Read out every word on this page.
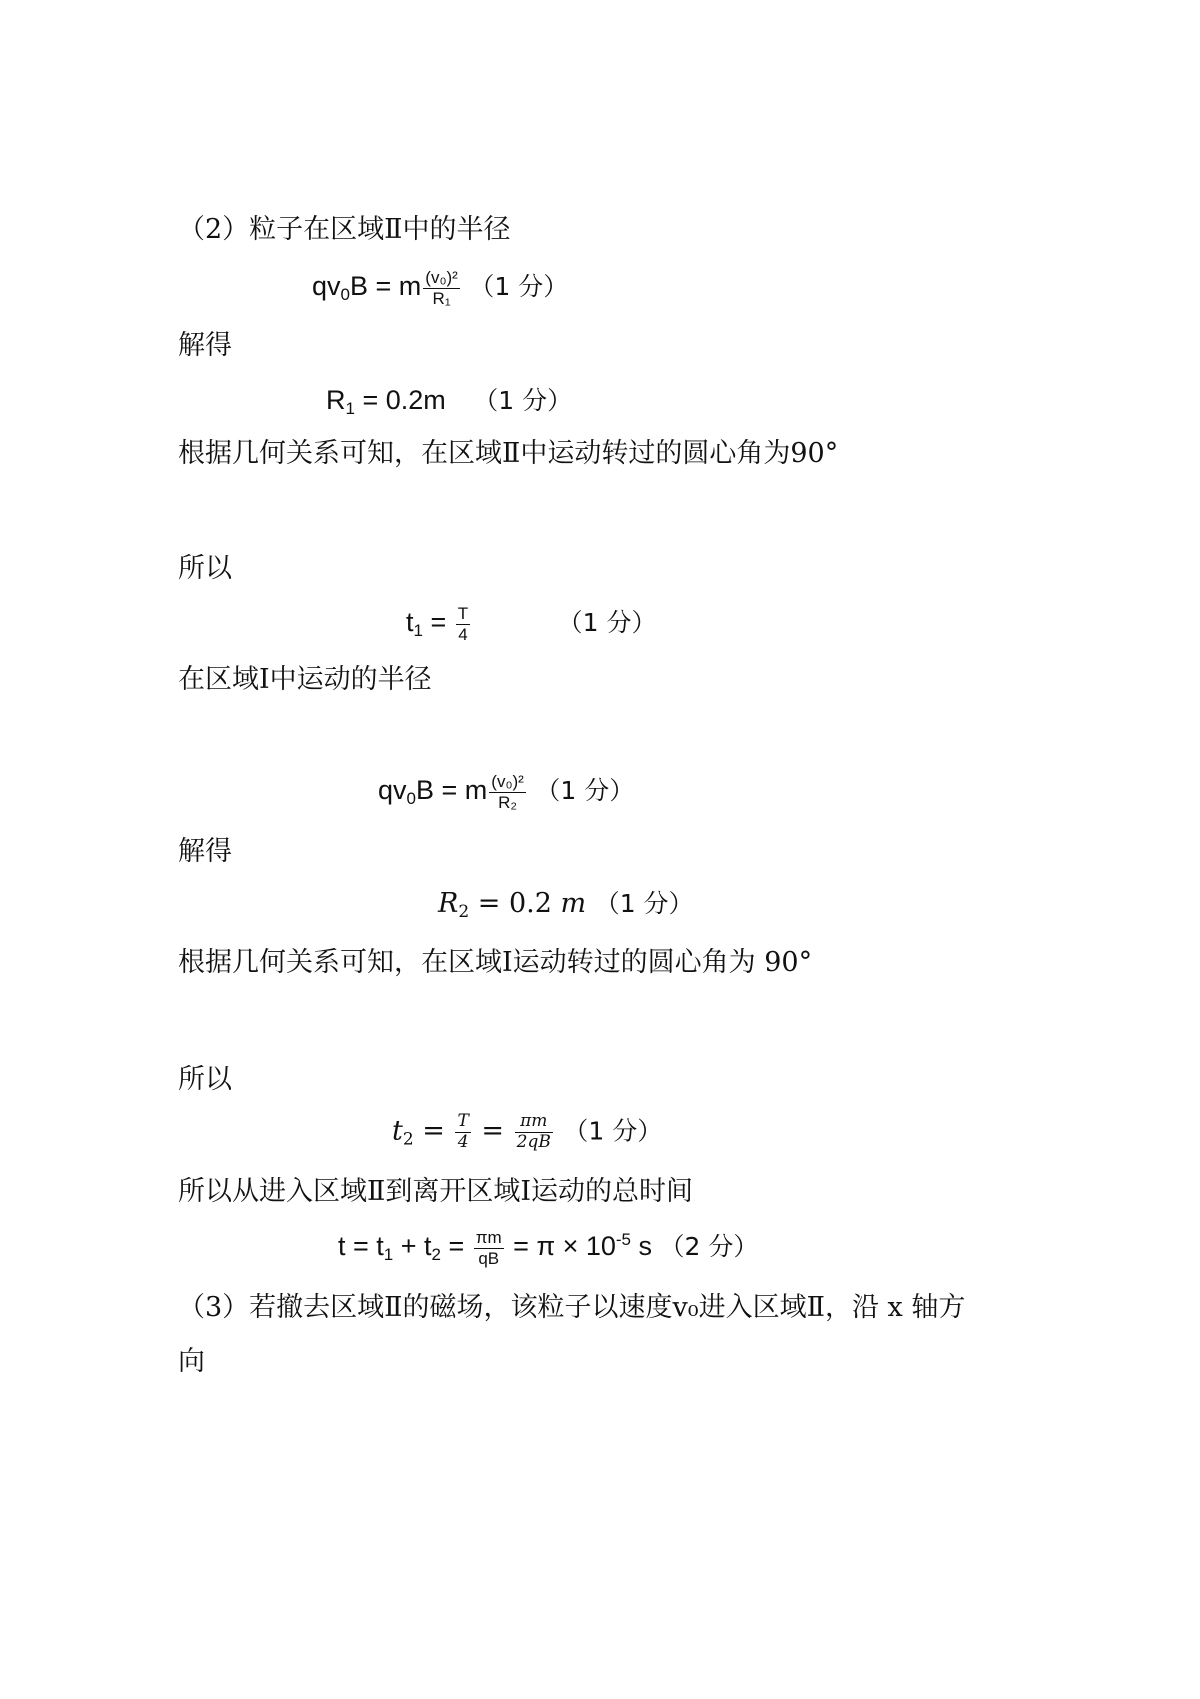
（2）粒子在区域Ⅱ中的半径
$qv_0B = m \frac{\text{(v₀)²}}{\text{R₁}} (1$ 分）
解得
$R_1 = 0.2m$ （1 分）
根据几何关系可知，在区域Ⅱ中运动转过的圆心角为90°
所以
$t_1 = \frac{T}{4}$	（1 分）
在区域Ⅰ中运动的半径
$qv_0B = m \frac{\text{(v₀)²}}{\text{R₂}} (1$ 分）
解得
$R_2 = 0.2$ m （1 分）
根据几何关系可知，在区域Ⅰ运动转过的圆心角为 90°
所以
$t_2 = \frac{T}{4} = \frac{\pi m}{2qB} (1$ 分）
所以从进入区域Ⅱ到离开区域Ⅰ运动的总时间
$t = t_1 + t_2 = \frac{\pi m}{qB} = \pi \times 10^{-5}$ s （2 分）
（3）若撤去区域Ⅱ的磁场，该粒子以速度v₀进入区域Ⅱ，沿 x 轴方
向
